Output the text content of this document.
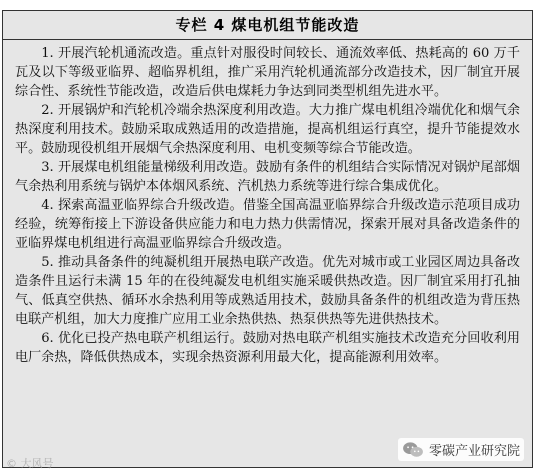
专栏 4 煤电机组节能改造

1. 开展汽轮机通流改造。重点针对服役时间较长、通流效率低、热耗高的 60 万千瓦及以下等级亚临界、超临界机组，推广采用汽轮机通流部分改造技术，因厂制宜开展综合性、系统性节能改造，改造后供电煤耗力争达到同类型机组先进水平。

2. 开展锅炉和汽轮机冷端余热深度利用改造。大力推广煤电机组冷端优化和烟气余热深度利用技术。鼓励采取成熟适用的改造措施，提高机组运行真空，提升节能提效水平。鼓励现役机组开展烟气余热深度利用、电机变频等综合节能改造。

3. 开展煤电机组能量梯级利用改造。鼓励有条件的机组结合实际情况对锅炉尾部烟气余热利用系统与锅炉本体烟风系统、汽机热力系统等进行综合集成优化。

4. 探索高温亚临界综合升级改造。借鉴全国高温亚临界综合升级改造示范项目成功经验，统筹衔接上下游设备供应能力和电力热力供需情况，探索开展对具备改造条件的亚临界煤电机组进行高温亚临界综合升级改造。

5. 推动具备条件的纯凝机组开展热电联产改造。优先对城市或工业园区周边具备改造条件且运行未满 15 年的在役纯凝发电机组实施采暖供热改造。因厂制宜采用打孔抽气、低真空供热、循环水余热利用等成熟适用技术，鼓励具备条件的机组改造为背压热电联产机组，加大力度推广应用工业余热供热、热泵供热等先进供热技术。

6. 优化已投产热电联产机组运行。鼓励对热电联产机组实施技术改造充分回收利用电厂余热，降低供热成本，实现余热资源利用最大化，提高能源利用效率。

© 大风号
零碳产业研究院
